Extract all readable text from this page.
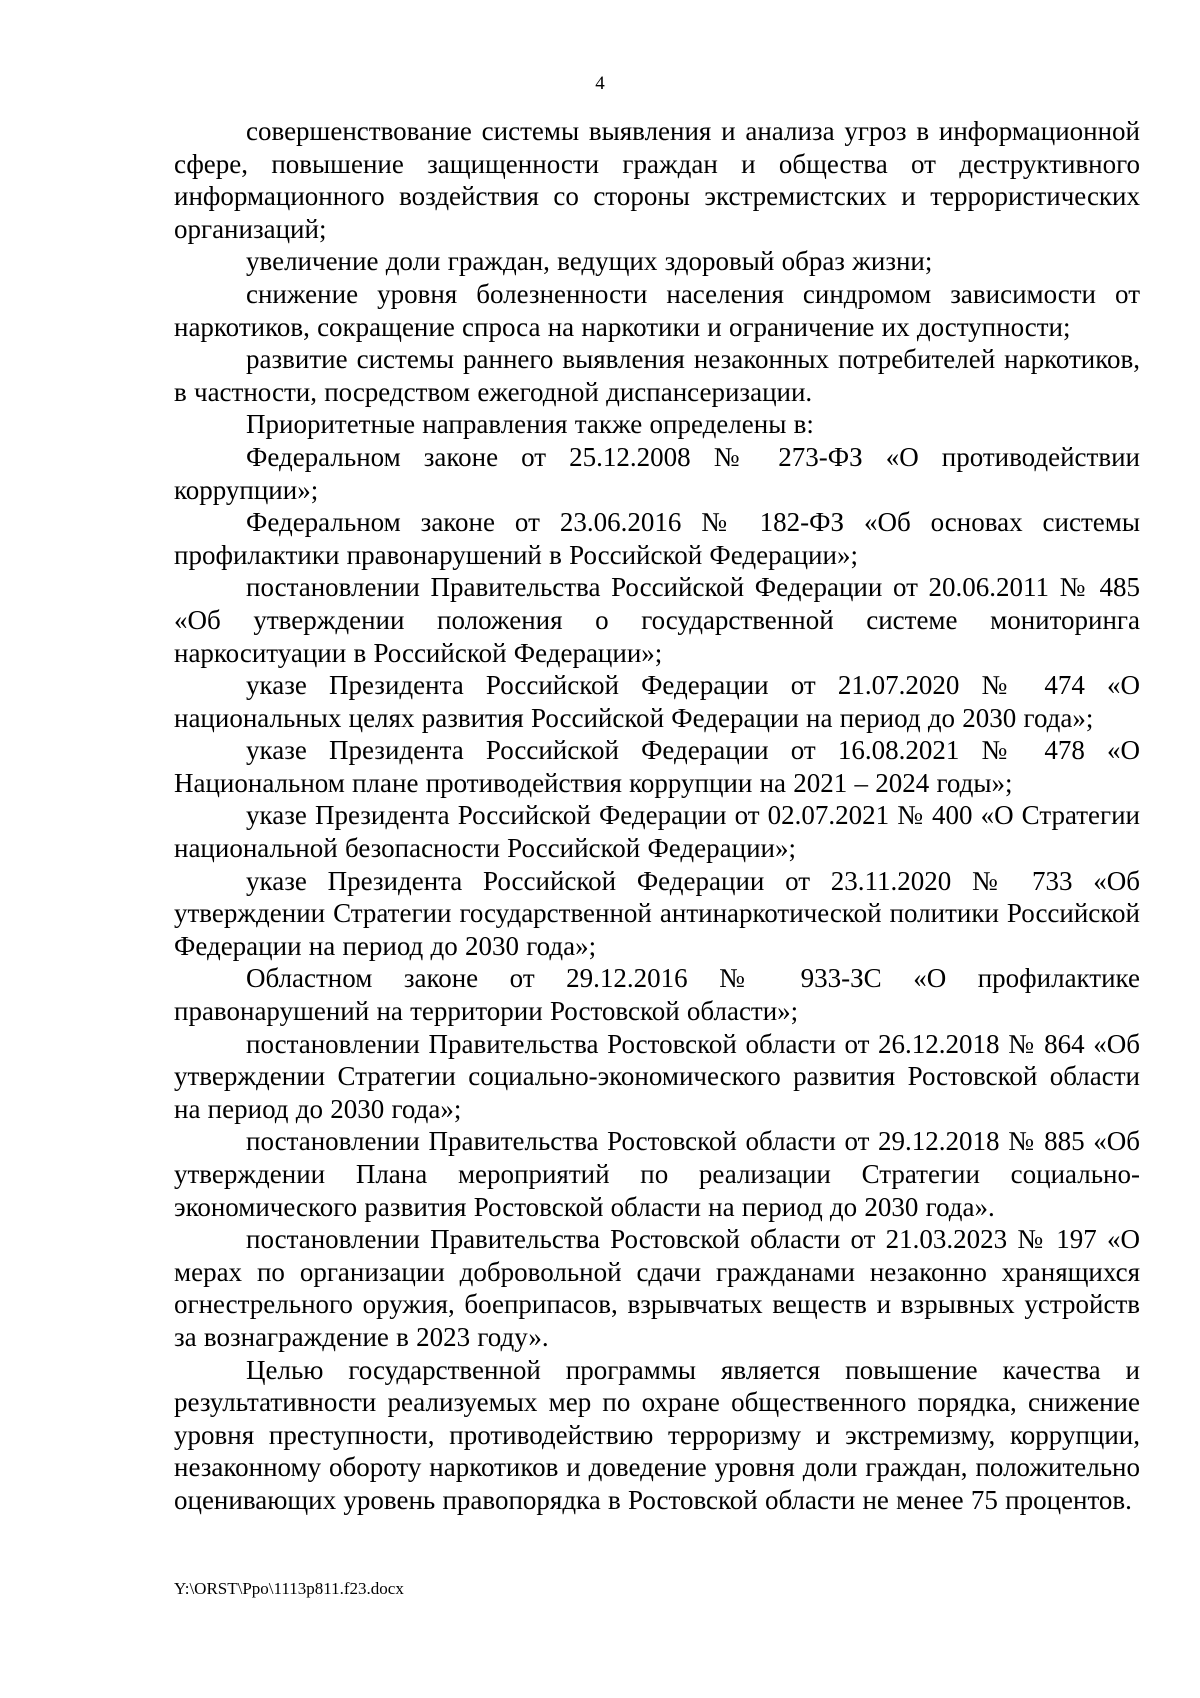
4

совершенствование системы выявления и анализа угроз в информационной сфере, повышение защищенности граждан и общества от деструктивного информационного воздействия со стороны экстремистских и террористических организаций;

увеличение доли граждан, ведущих здоровый образ жизни;

снижение уровня болезненности населения синдромом зависимости от наркотиков, сокращение спроса на наркотики и ограничение их доступности;

развитие системы раннего выявления незаконных потребителей наркотиков, в частности, посредством ежегодной диспансеризации.

Приоритетные направления также определены в:

Федеральном законе от 25.12.2008 № 273-ФЗ «О противодействии коррупции»;

Федеральном законе от 23.06.2016 № 182-ФЗ «Об основах системы профилактики правонарушений в Российской Федерации»;

постановлении Правительства Российской Федерации от 20.06.2011 № 485 «Об утверждении положения о государственной системе мониторинга наркоситуации в Российской Федерации»;

указе Президента Российской Федерации от 21.07.2020 № 474 «О национальных целях развития Российской Федерации на период до 2030 года»;

указе Президента Российской Федерации от 16.08.2021 № 478 «О Национальном плане противодействия коррупции на 2021 – 2024 годы»;

указе Президента Российской Федерации от 02.07.2021 № 400 «О Стратегии национальной безопасности Российской Федерации»;

указе Президента Российской Федерации от 23.11.2020 № 733 «Об утверждении Стратегии государственной антинаркотической политики Российской Федерации на период до 2030 года»;

Областном законе от 29.12.2016 № 933-ЗС «О профилактике правонарушений на территории Ростовской области»;

постановлении Правительства Ростовской области от 26.12.2018 № 864 «Об утверждении Стратегии социально-экономического развития Ростовской области на период до 2030 года»;

постановлении Правительства Ростовской области от 29.12.2018 № 885 «Об утверждении Плана мероприятий по реализации Стратегии социально-экономического развития Ростовской области на период до 2030 года».

постановлении Правительства Ростовской области от 21.03.2023 № 197 «О мерах по организации добровольной сдачи гражданами незаконно хранящихся огнестрельного оружия, боеприпасов, взрывчатых веществ и взрывных устройств за вознаграждение в 2023 году».

Целью государственной программы является повышение качества и результативности реализуемых мер по охране общественного порядка, снижение уровня преступности, противодействию терроризму и экстремизму, коррупции, незаконному обороту наркотиков и доведение уровня доли граждан, положительно оценивающих уровень правопорядка в Ростовской области не менее 75 процентов.

Y:\ORST\Ppo\1113p811.f23.docx
